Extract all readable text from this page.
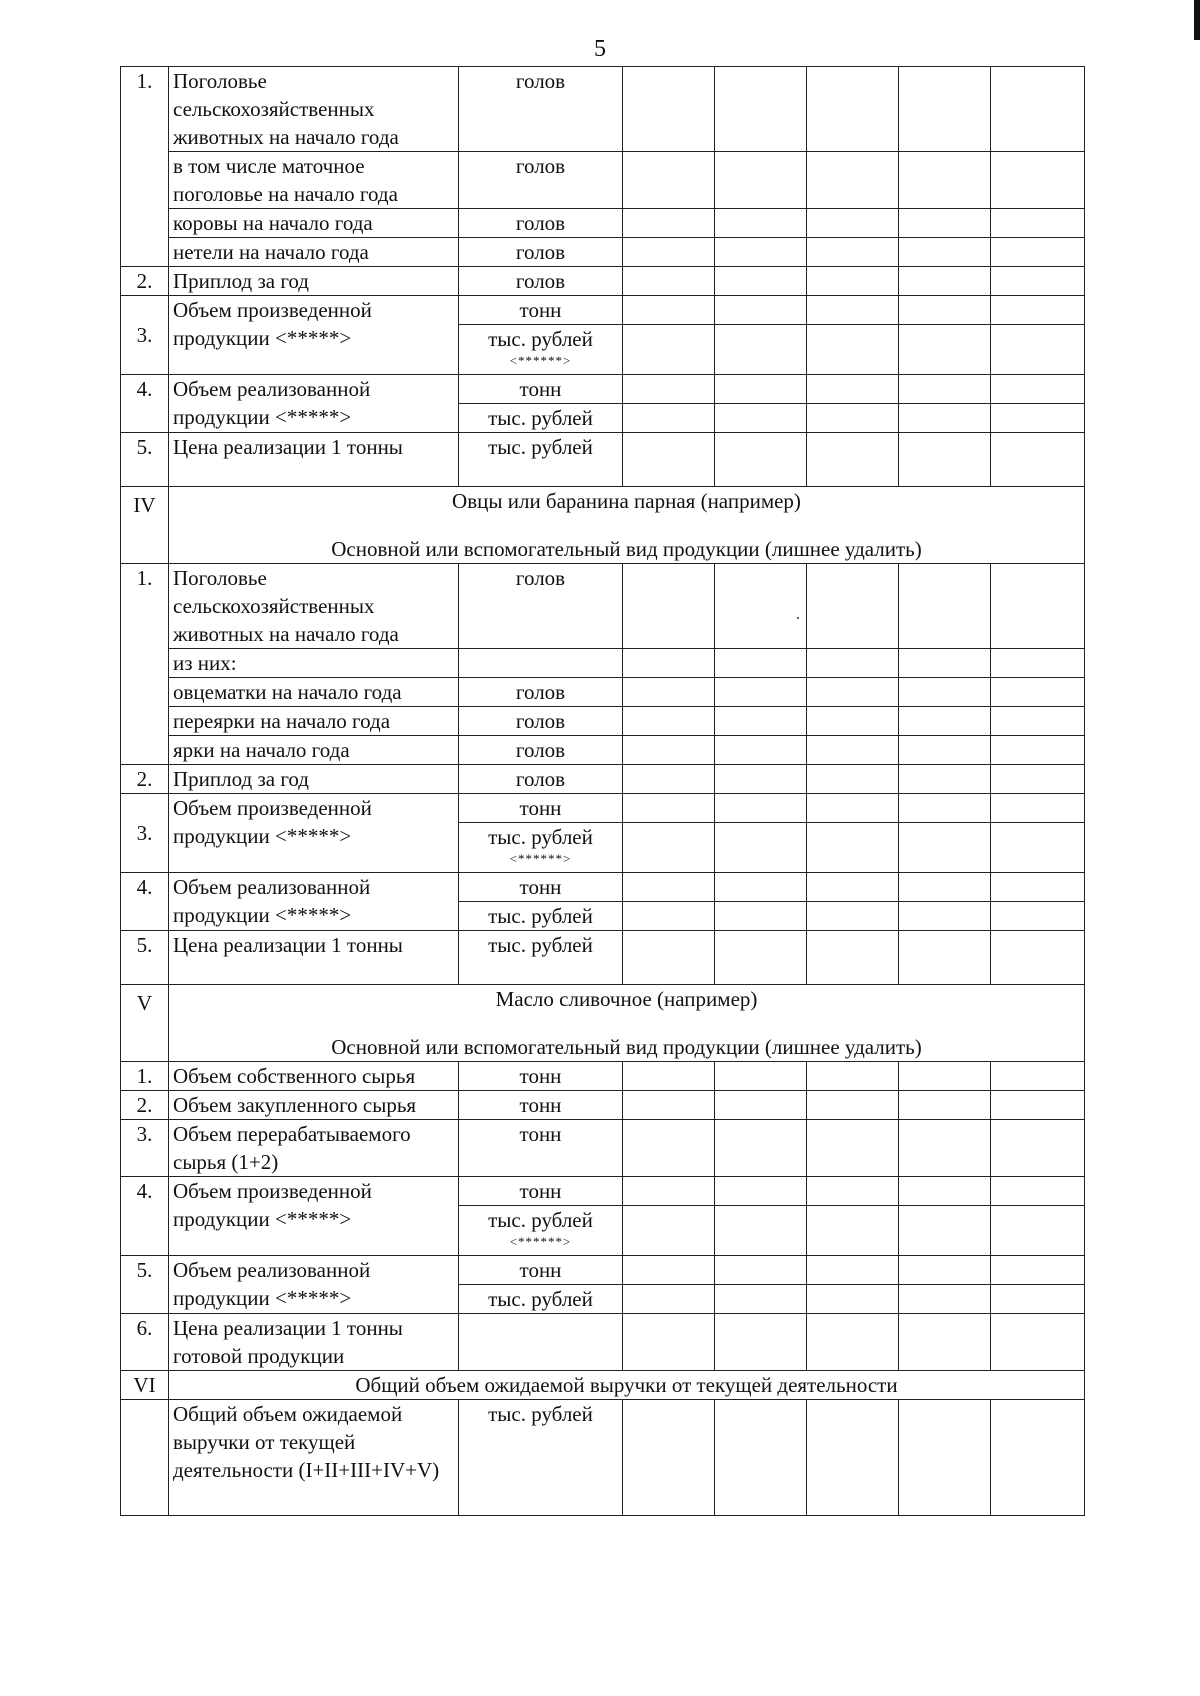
5
1.	Поголовье сельскохозяйственных животных на начало года	голов					
	в том числе маточное поголовье на начало года	голов					
	коровы на начало года	голов					
	нетели на начало года	голов					
2.	Приплод за год	голов					
3.	Объем произведенной продукции <*****>	тонн					
		тыс. рублей
<******>					

4.	Объем реализованной продукции <*****>	тонн					
		тыс. рублей					
5.	Цена реализации 1 тонны	тыс. рублей					
IV	Овцы или баранина парная (например)
Основной или вспомогательный вид продукции (лишнее удалить)						

1.	Поголовье сельскохозяйственных животных на начало года	голов					
	из них:						
	овцематки на начало года	голов					
	переярки на начало года	голов					
	ярки на начало года	голов					
2.	Приплод за год	голов					
3.	Объем произведенной продукции <*****>	тонн					
		тыс. рублей
<******>					

4.	Объем реализованной продукции <*****>	тонн					
		тыс. рублей					
5.	Цена реализации 1 тонны	тыс. рублей					
V	Масло сливочное (например)
Основной или вспомогательный вид продукции (лишнее удалить)						

1.	Объем собственного сырья	тонн					
2.	Объем закупленного сырья	тонн					
3.	Объем перерабатываемого сырья (1+2)	тонн					
4.	Объем произведенной продукции <*****>	тонн					
		тыс. рублей
<******>					

5.	Объем реализованной продукции <*****>	тонн					
		тыс. рублей					
6.	Цена реализации 1 тонны готовой продукции						
VI	Общий объем ожидаемой выручки от текущей деятельности						
	Общий объем ожидаемой выручки от текущей деятельности (I+II+III+IV+V)	тыс. рублей					
